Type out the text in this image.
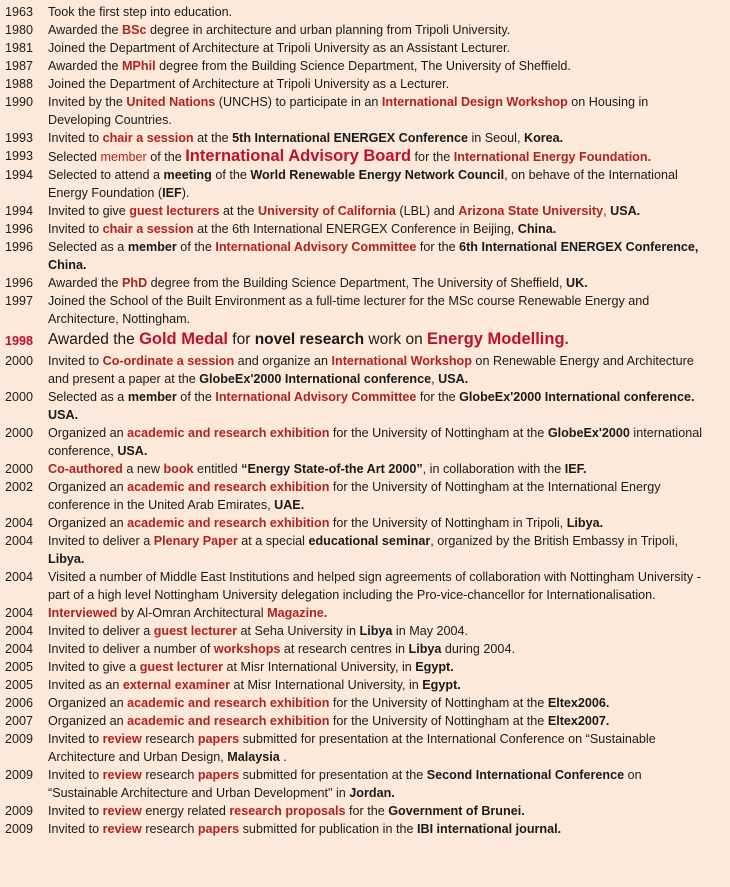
1963	Took the first step into education.
1980	Awarded the BSc degree in architecture and urban planning from Tripoli University.
1981	Joined the Department of Architecture at Tripoli University as an Assistant Lecturer.
1987	Awarded the MPhil degree from the Building Science Department, The University of Sheffield.
1988	Joined the Department of Architecture at Tripoli University as a Lecturer.
1990	Invited by the United Nations (UNCHS) to participate in an International Design Workshop on Housing in Developing Countries.
1993	Invited to chair a session at the 5th International ENERGEX Conference in Seoul, Korea.
1993	Selected member of the International Advisory Board for the International Energy Foundation.
1994	Selected to attend a meeting of the World Renewable Energy Network Council, on behave of the International Energy Foundation (IEF).
1994	Invited to give guest lecturers at the University of California (LBL) and Arizona State University, USA.
1996	Invited to chair a session at the 6th International ENERGEX Conference in Beijing, China.
1996	Selected as a member of the International Advisory Committee for the 6th International ENERGEX Conference, China.
1996	Awarded the PhD degree from the Building Science Department, The University of Sheffield, UK.
1997	Joined the School of the Built Environment as a full-time lecturer for the MSc course Renewable Energy and Architecture, Nottingham.
1998 Awarded the Gold Medal for novel research work on Energy Modelling.
2000	Invited to Co-ordinate a session and organize an International Workshop on Renewable Energy and Architecture and present a paper at the GlobeEx'2000 International conference, USA.
2000	Selected as a member of the International Advisory Committee for the GlobeEx'2000 International conference. USA.
2000	Organized an academic and research exhibition for the University of Nottingham at the GlobeEx'2000 international conference, USA.
2000	Co-authored a new book entitled “Energy State-of-the Art 2000”, in collaboration with the IEF.
2002	Organized an academic and research exhibition for the University of Nottingham at the International Energy conference in the United Arab Emirates, UAE.
2004	Organized an academic and research exhibition for the University of Nottingham in Tripoli, Libya.
2004	Invited to deliver a Plenary Paper at a special educational seminar, organized by the British Embassy in Tripoli, Libya.
2004	Visited a number of Middle East Institutions and helped sign agreements of collaboration with Nottingham University - part of a high level Nottingham University delegation including the Pro-vice-chancellor for Internationalisation.
2004	Interviewed by Al-Omran Architectural Magazine.
2004	Invited to deliver a guest lecturer at Seha University in Libya in May 2004.
2004	Invited to deliver a number of workshops at research centres in Libya during 2004.
2005	Invited to give a guest lecturer at Misr International University, in Egypt.
2005	Invited as an external examiner at Misr International University, in Egypt.
2006	Organized an academic and research exhibition for the University of Nottingham at the Eltex2006.
2007	Organized an academic and research exhibition for the University of Nottingham at the Eltex2007.
2009	Invited to review research papers submitted for presentation at the International Conference on “Sustainable Architecture and Urban Design, Malaysia .
2009	Invited to review research papers submitted for presentation at the Second International Conference on “Sustainable Architecture and Urban Development" in Jordan.
2009	Invited to review energy related research proposals for the Government of Brunei.
2009	Invited to review research papers submitted for publication in the IBI international journal.
